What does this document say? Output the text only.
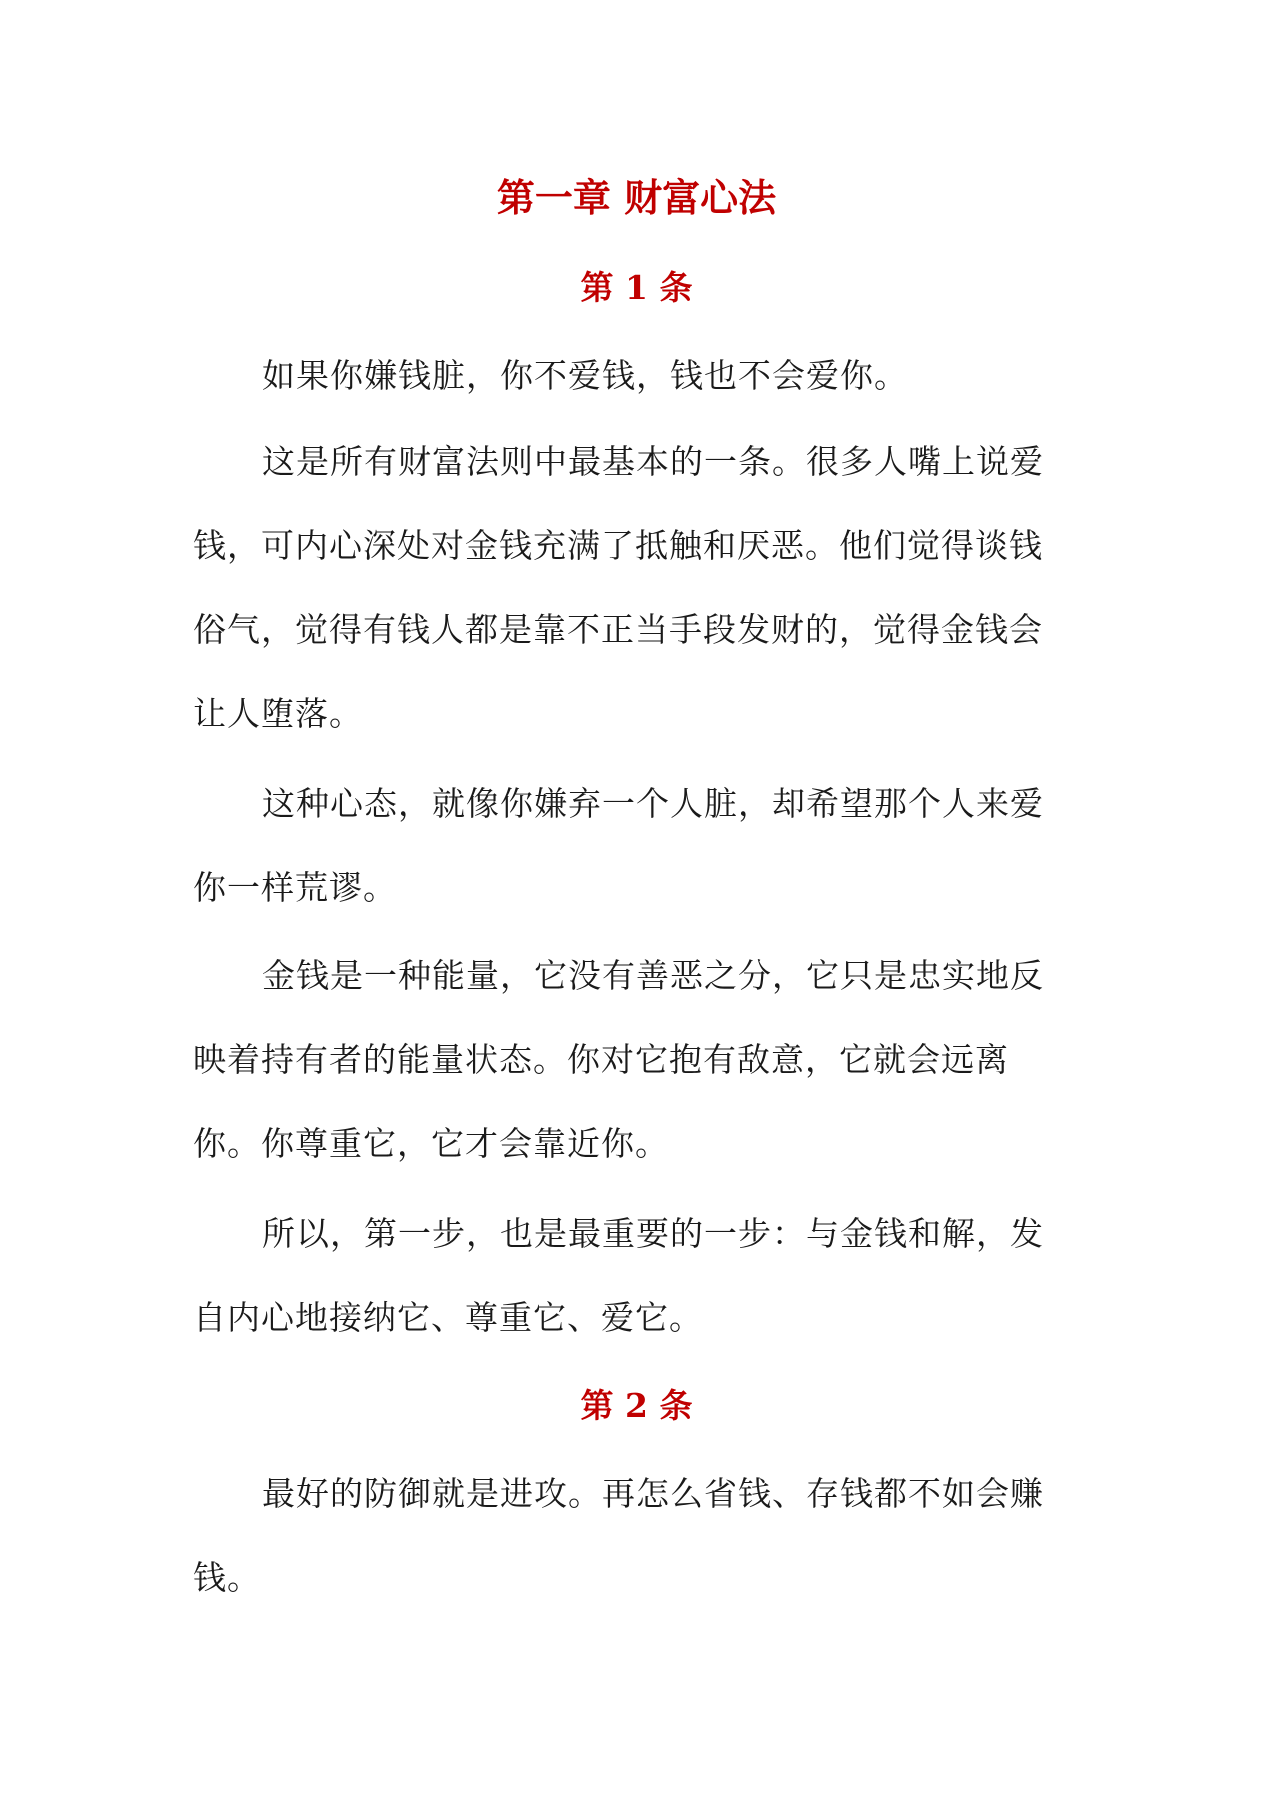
第一章 财富心法
第 1 条

如果你嫌钱脏，你不爱钱，钱也不会爱你。

这是所有财富法则中最基本的一条。很多人嘴上说爱钱，可内心深处对金钱充满了抵触和厌恶。他们觉得谈钱俗气，觉得有钱人都是靠不正当手段发财的，觉得金钱会让人堕落。

这种心态，就像你嫌弃一个人脏，却希望那个人来爱你一样荒谬。

金钱是一种能量，它没有善恶之分，它只是忠实地反映着持有者的能量状态。你对它抱有敌意，它就会远离你。你尊重它，它才会靠近你。

所以，第一步，也是最重要的一步：与金钱和解，发自内心地接纳它、尊重它、爱它。

第 2 条

最好的防御就是进攻。再怎么省钱、存钱都不如会赚钱。
